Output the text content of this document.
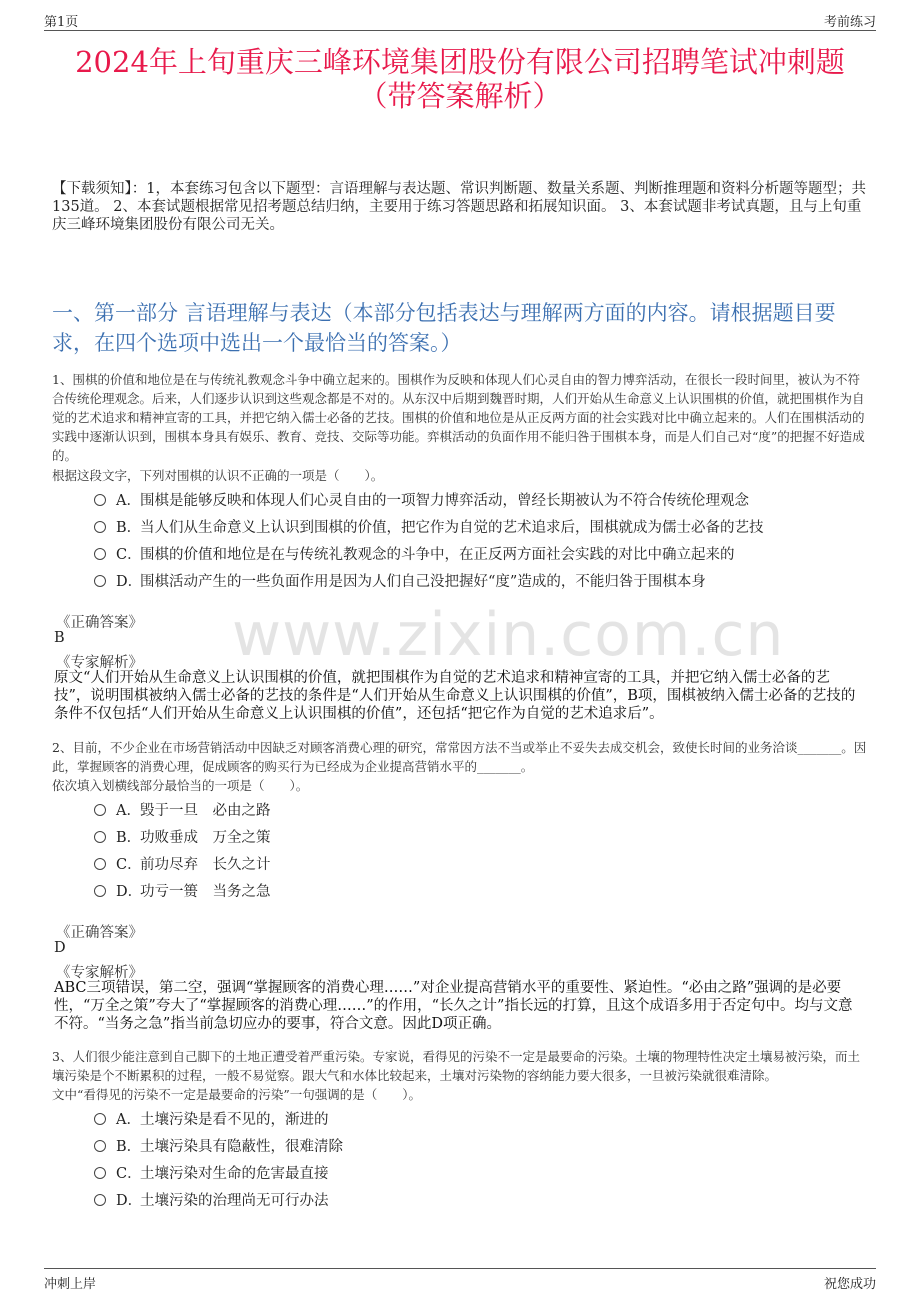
第1页	考前练习
2024年上旬重庆三峰环境集团股份有限公司招聘笔试冲刺题
（带答案解析）
www.zixin.com.cn
【下载须知】：1，本套练习包含以下题型：言语理解与表达题、常识判断题、数量关系题、判断推理题和资料分析题等题型；共135道。 2、本套试题根据常见招考题总结归纳，主要用于练习答题思路和拓展知识面。 3、本套试题非考试真题，且与上旬重庆三峰环境集团股份有限公司无关。
一、第一部分 言语理解与表达（本部分包括表达与理解两方面的内容。请根据题目要求，在四个选项中选出一个最恰当的答案。）
1、围棋的价值和地位是在与传统礼教观念斗争中确立起来的。围棋作为反映和体现人们心灵自由的智力博弈活动，在很长一段时间里，被认为不符合传统伦理观念。后来，人们逐步认识到这些观念都是不对的。从东汉中后期到魏晋时期，人们开始从生命意义上认识围棋的价值，就把围棋作为自觉的艺术追求和精神宣寄的工具，并把它纳入儒士必备的艺技。围棋的价值和地位是从正反两方面的社会实践对比中确立起来的。人们在围棋活动的实践中逐渐认识到，围棋本身具有娱乐、教育、竞技、交际等功能。弈棋活动的负面作用不能归咎于围棋本身，而是人们自己对“度”的把握不好造成的。
根据这段文字，下列对围棋的认识不正确的一项是（　　）。
A．围棋是能够反映和体现人们心灵自由的一项智力博弈活动，曾经长期被认为不符合传统伦理观念
B．当人们从生命意义上认识到围棋的价值，把它作为自觉的艺术追求后，围棋就成为儒士必备的艺技
C．围棋的价值和地位是在与传统礼教观念的斗争中，在正反两方面社会实践的对比中确立起来的
D．围棋活动产生的一些负面作用是因为人们自己没把握好“度”造成的，不能归咎于围棋本身
《正确答案》
B
《专家解析》
原文“人们开始从生命意义上认识围棋的价值，就把围棋作为自觉的艺术追求和精神宣寄的工具，并把它纳入儒士必备的艺技”，说明围棋被纳入儒士必备的艺技的条件是“人们开始从生命意义上认识围棋的价值”，B项，围棋被纳入儒士必备的艺技的条件不仅包括“人们开始从生命意义上认识围棋的价值”，还包括“把它作为自觉的艺术追求后”。
2、目前，不少企业在市场营销活动中因缺乏对顾客消费心理的研究，常常因方法不当或举止不妥失去成交机会，致使长时间的业务洽谈_______。因此，掌握顾客的消费心理，促成顾客的购买行为已经成为企业提高营销水平的_______。
依次填入划横线部分最恰当的一项是（　　）。
A．毁于一旦　必由之路
B．功败垂成　万全之策
C．前功尽弃　长久之计
D．功亏一篑　当务之急
《正确答案》
D
《专家解析》
ABC三项错误，第二空，强调“掌握顾客的消费心理……”对企业提高营销水平的重要性、紧迫性。“必由之路”强调的是必要性，“万全之策”夸大了“掌握顾客的消费心理……”的作用，“长久之计”指长远的打算，且这个成语多用于否定句中。均与文意不符。“当务之急”指当前急切应办的要事，符合文意。因此D项正确。
3、人们很少能注意到自己脚下的土地正遭受着严重污染。专家说，看得见的污染不一定是最要命的污染。土壤的物理特性决定土壤易被污染，而土壤污染是个不断累积的过程，一般不易觉察。跟大气和水体比较起来，土壤对污染物的容纳能力要大很多，一旦被污染就很难清除。
文中“看得见的污染不一定是最要命的污染”一句强调的是（　　）。
A．土壤污染是看不见的，渐进的
B．土壤污染具有隐蔽性，很难清除
C．土壤污染对生命的危害最直接
D．土壤污染的治理尚无可行办法
冲刺上岸	祝您成功
